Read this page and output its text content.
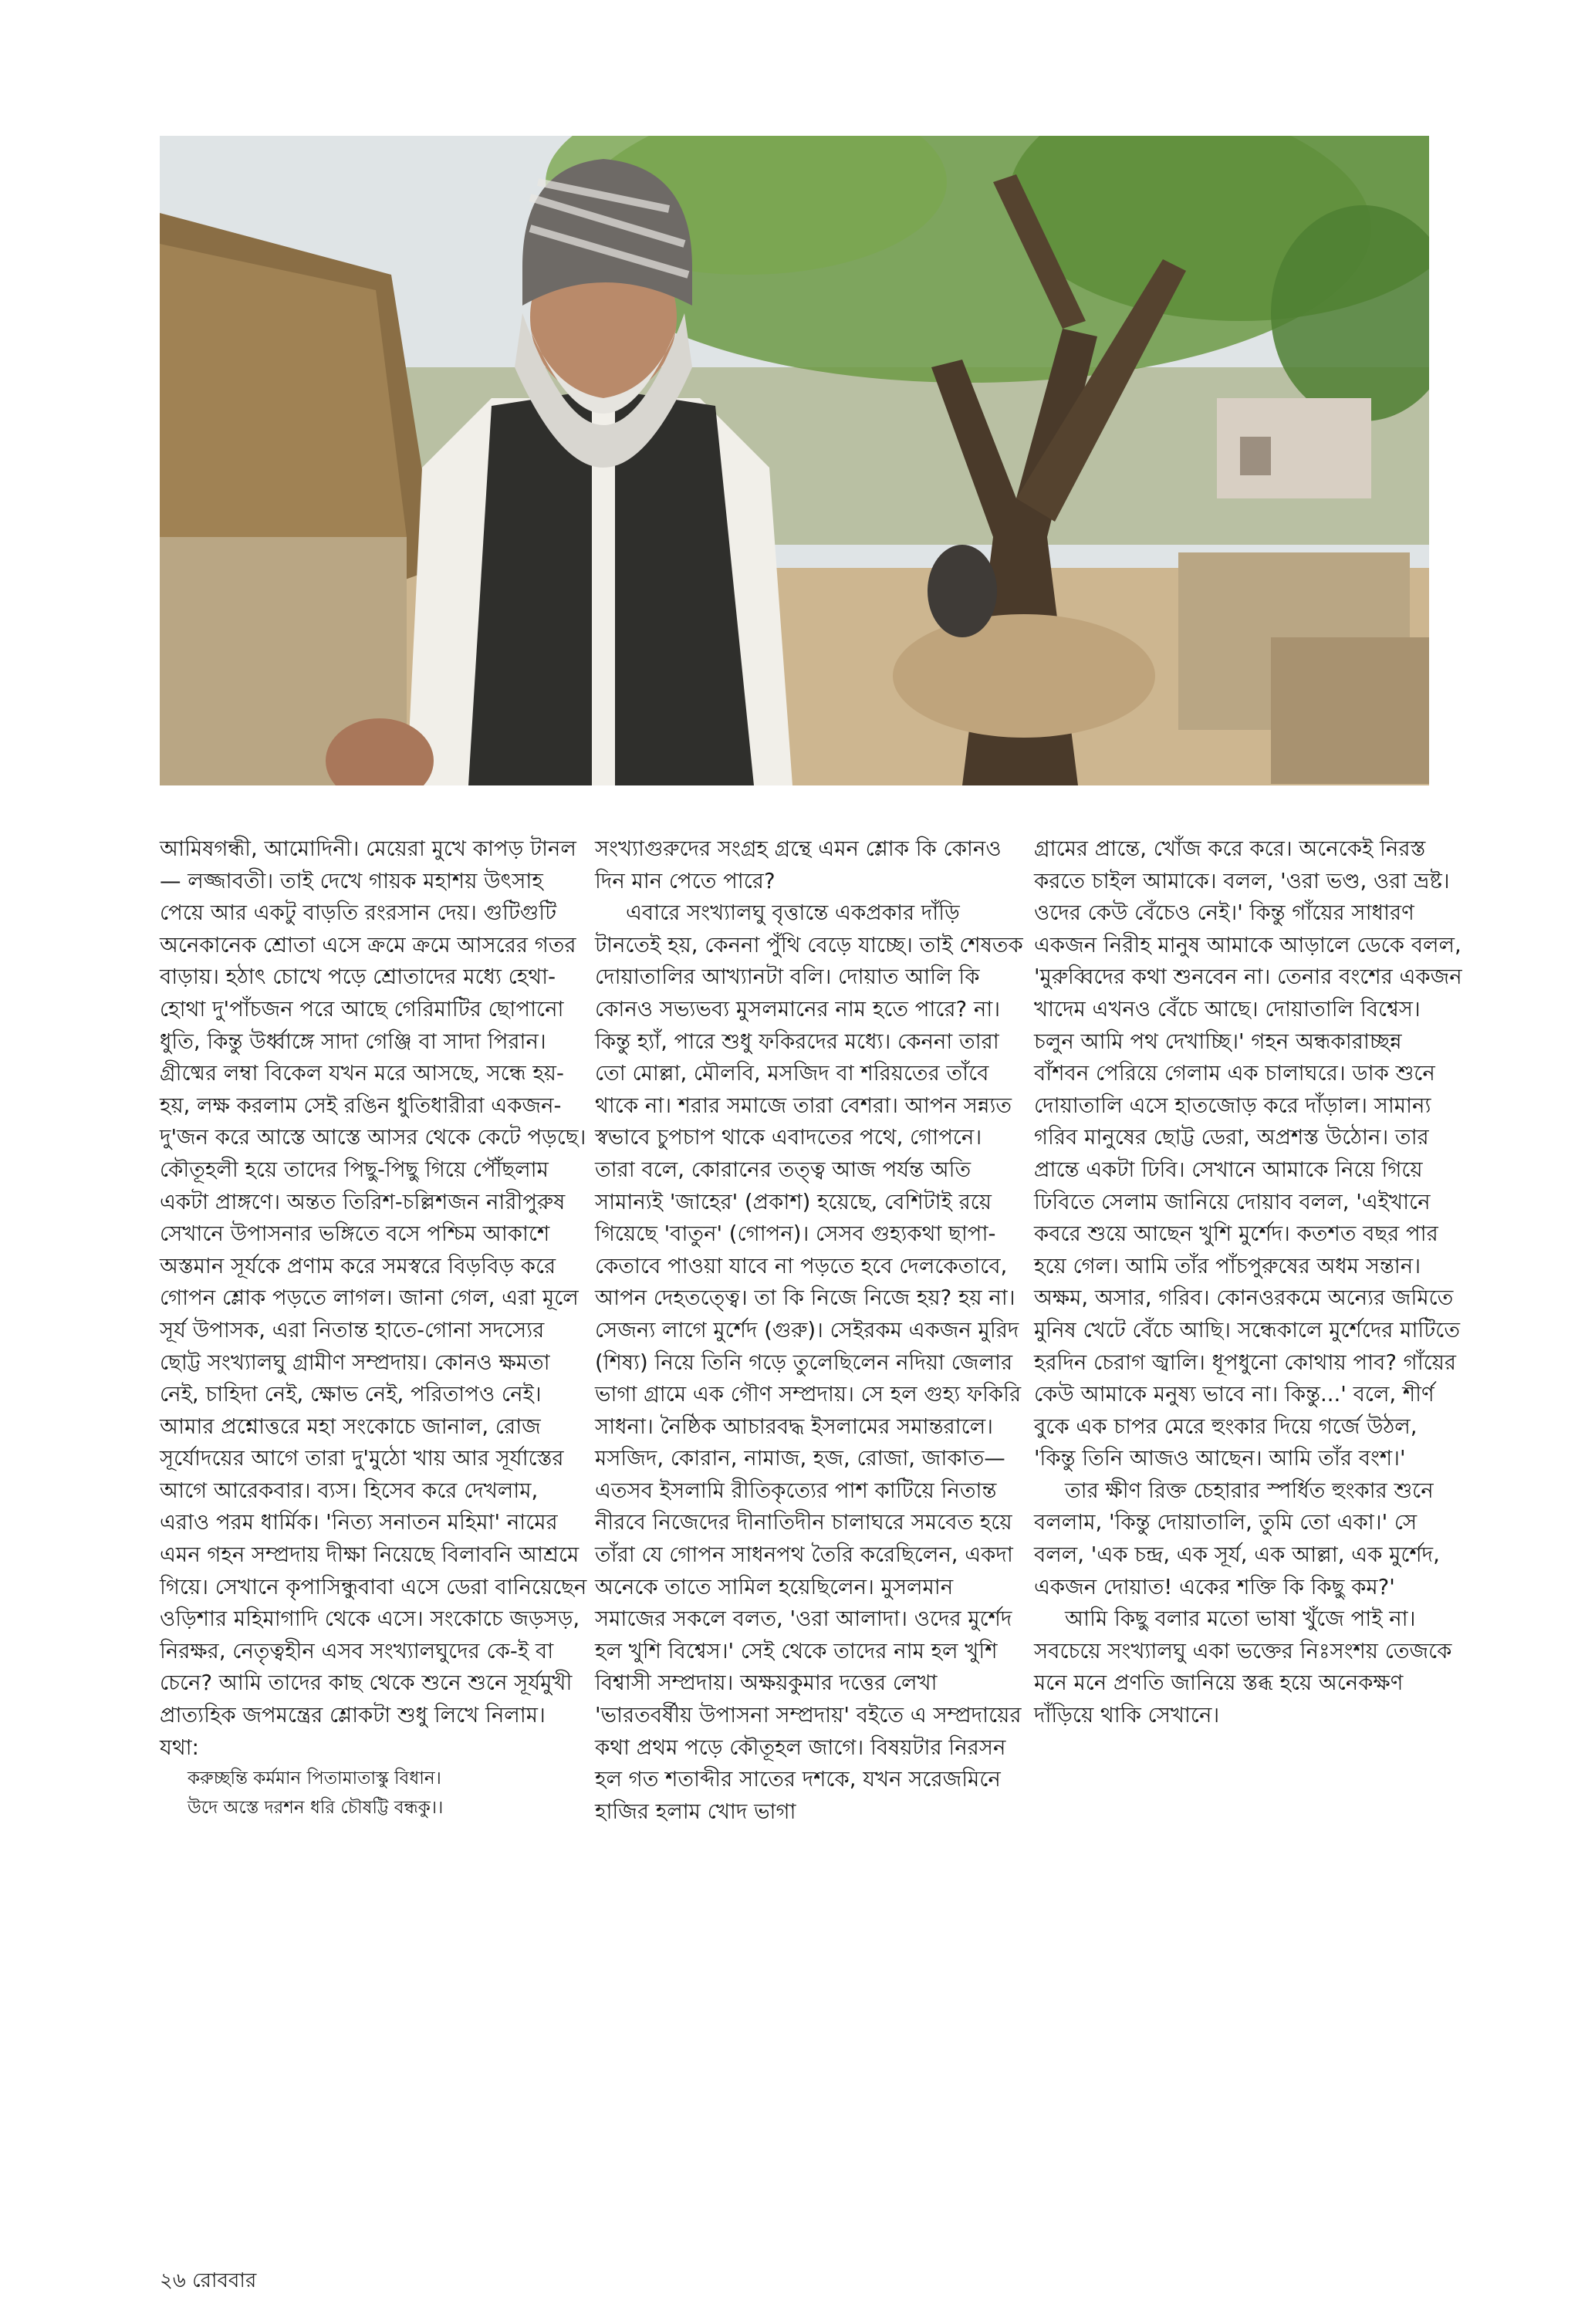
আমিষগন্ধী, আমোদিনী। মেয়েরা মুখে কাপড় টানল— লজ্জাবতী। তাই দেখে গায়ক মহাশয় উৎসাহ পেয়ে আর একটু বাড়তি রংরসান দেয়। গুটিগুটি অনেকানেক শ্রোতা এসে ক্রমে ক্রমে আসরের গতর বাড়ায়। হঠাৎ চোখে পড়ে শ্রোতাদের মধ্যে হেথা-হোথা দু'পাঁচজন পরে আছে গেরিমাটির ছোপানো ধুতি, কিন্তু উর্ধ্বাঙ্গে সাদা গেঞ্জি বা সাদা পিরান। গ্রীষ্মের লম্বা বিকেল যখন মরে আসছে, সন্ধে হয়-হয়, লক্ষ করলাম সেই রঙিন ধুতিধারীরা একজন-দু'জন করে আস্তে আস্তে আসর থেকে কেটে পড়ছে। কৌতূহলী হয়ে তাদের পিছু-পিছু গিয়ে পৌঁছলাম একটা প্রাঙ্গণে। অন্তত তিরিশ-চল্লিশজন নারীপুরুষ সেখানে উপাসনার ভঙ্গিতে বসে পশ্চিম আকাশে অস্তমান সূর্যকে প্রণাম করে সমস্বরে বিড়বিড় করে গোপন শ্লোক পড়তে লাগল। জানা গেল, এরা মূলে সূর্য উপাসক, এরা নিতান্ত হাতে-গোনা সদস্যের ছোট্ট সংখ্যালঘু গ্রামীণ সম্প্রদায়। কোনও ক্ষমতা নেই, চাহিদা নেই, ক্ষোভ নেই, পরিতাপও নেই। আমার প্রশ্নোত্তরে মহা সংকোচে জানাল, রোজ সূর্যোদয়ের আগে তারা দু'মুঠো খায় আর সূর্যাস্তের আগে আরেকবার। ব্যস। হিসেব করে দেখলাম, এরাও পরম ধার্মিক। 'নিত্য সনাতন মহিমা' নামের এমন গহন সম্প্রদায় দীক্ষা নিয়েছে বিলাবনি আশ্রমে গিয়ে। সেখানে কৃপাসিন্ধুবাবা এসে ডেরা বানিয়েছেন ওড়িশার মহিমাগাদি থেকে এসে। সংকোচে জড়সড়, নিরক্ষর, নেতৃত্বহীন এসব সংখ্যালঘুদের কে-ই বা চেনে? আমি তাদের কাছ থেকে শুনে শুনে সূর্যমুখী প্রাত্যহিক জপমন্ত্রের শ্লোকটা শুধু লিখে নিলাম। যথা:

করুচ্ছন্তি কর্মমান পিতামাতাস্কু বিধান।

উদে অস্তে দরশন ধরি চৌষট্টি বন্ধকু।।

সংখ্যাগুরুদের সংগ্রহ গ্রন্থে এমন শ্লোক কি কোনও দিন মান পেতে পারে?

এবারে সংখ্যালঘু বৃত্তান্তে একপ্রকার দাঁড়ি টানতেই হয়, কেননা পুঁথি বেড়ে যাচ্ছে। তাই শেষতক দোয়াতালির আখ্যানটা বলি। দোয়াত আলি কি কোনও সভ্যভব্য মুসলমানের নাম হতে পারে? না। কিন্তু হ্যাঁ, পারে শুধু ফকিরদের মধ্যে। কেননা তারা তো মোল্লা, মৌলবি, মসজিদ বা শরিয়তের তাঁবে থাকে না। শরার সমাজে তারা বেশরা। আপন সন্ন্যত স্বভাবে চুপচাপ থাকে এবাদতের পথে, গোপনে। তারা বলে, কোরানের তত্ত্ব আজ পর্যন্ত অতি সামান্যই 'জাহের' (প্রকাশ) হয়েছে, বেশিটাই রয়ে গিয়েছে 'বাতুন' (গোপন)। সেসব গুহ্যকথা ছাপা-কেতাবে পাওয়া যাবে না পড়তে হবে দেলকেতাবে, আপন দেহতত্ত্বে। তা কি নিজে নিজে হয়? হয় না। সেজন্য লাগে মুর্শেদ (গুরু)। সেইরকম একজন মুরিদ (শিষ্য) নিয়ে তিনি গড়ে তুলেছিলেন নদিয়া জেলার ভাগা গ্রামে এক গৌণ সম্প্রদায়। সে হল গুহ্য ফকিরি সাধনা। নৈষ্ঠিক আচারবদ্ধ ইসলামের সমান্তরালে। মসজিদ, কোরান, নামাজ, হজ, রোজা, জাকাত— এতসব ইসলামি রীতিকৃত্যের পাশ কাটিয়ে নিতান্ত নীরবে নিজেদের দীনাতিদীন চালাঘরে সমবেত হয়ে তাঁরা যে গোপন সাধনপথ তৈরি করেছিলেন, একদা অনেকে তাতে সামিল হয়েছিলেন। মুসলমান সমাজের সকলে বলত, 'ওরা আলাদা। ওদের মুর্শেদ হল খুশি বিশ্বেস।' সেই থেকে তাদের নাম হল খুশি বিশ্বাসী সম্প্রদায়। অক্ষয়কুমার দত্তের লেখা 'ভারতবর্ষীয় উপাসনা সম্প্রদায়' বইতে এ সম্প্রদায়ের কথা প্রথম পড়ে কৌতূহল জাগে। বিষয়টার নিরসন হল গত শতাব্দীর সাতের দশকে, যখন সরেজমিনে হাজির হলাম খোদ ভাগা

গ্রামের প্রান্তে, খোঁজ করে করে। অনেকেই নিরস্ত করতে চাইল আমাকে। বলল, 'ওরা ভণ্ড, ওরা ভ্রষ্ট। ওদের কেউ বেঁচেও নেই।' কিন্তু গাঁয়ের সাধারণ একজন নিরীহ মানুষ আমাকে আড়ালে ডেকে বলল, 'মুরুব্বিদের কথা শুনবেন না। তেনার বংশের একজন খাদেম এখনও বেঁচে আছে। দোয়াতালি বিশ্বেস। চলুন আমি পথ দেখাচ্ছি।' গহন অন্ধকারাচ্ছন্ন বাঁশবন পেরিয়ে গেলাম এক চালাঘরে। ডাক শুনে দোয়াতালি এসে হাতজোড় করে দাঁড়াল। সামান্য গরিব মানুষের ছোট্ট ডেরা, অপ্রশস্ত উঠোন। তার প্রান্তে একটা ঢিবি। সেখানে আমাকে নিয়ে গিয়ে ঢিবিতে সেলাম জানিয়ে দোয়াব বলল, 'এইখানে কবরে শুয়ে আছেন খুশি মুর্শেদ। কতশত বছর পার হয়ে গেল। আমি তাঁর পাঁচপুরুষের অধম সন্তান। অক্ষম, অসার, গরিব। কোনওরকমে অন্যের জমিতে মুনিষ খেটে বেঁচে আছি। সন্ধেকালে মুর্শেদের মাটিতে হরদিন চেরাগ জ্বালি। ধূপধুনো কোথায় পাব? গাঁয়ের কেউ আমাকে মনুষ্য ভাবে না। কিন্তু...' বলে, শীর্ণ বুকে এক চাপর মেরে হুংকার দিয়ে গর্জে উঠল, 'কিন্তু তিনি আজও আছেন। আমি তাঁর বংশ।'

তার ক্ষীণ রিক্ত চেহারার স্পর্ধিত হুংকার শুনে বললাম, 'কিন্তু দোয়াতালি, তুমি তো একা।' সে বলল, 'এক চন্দ্র, এক সূর্য, এক আল্লা, এক মুর্শেদ, একজন দোয়াত! একের শক্তি কি কিছু কম?'

আমি কিছু বলার মতো ভাষা খুঁজে পাই না। সবচেয়ে সংখ্যালঘু একা ভক্তের নিঃসংশয় তেজকে মনে মনে প্রণতি জানিয়ে স্তব্ধ হয়ে অনেকক্ষণ দাঁড়িয়ে থাকি সেখানে।

২৬ রোববার
